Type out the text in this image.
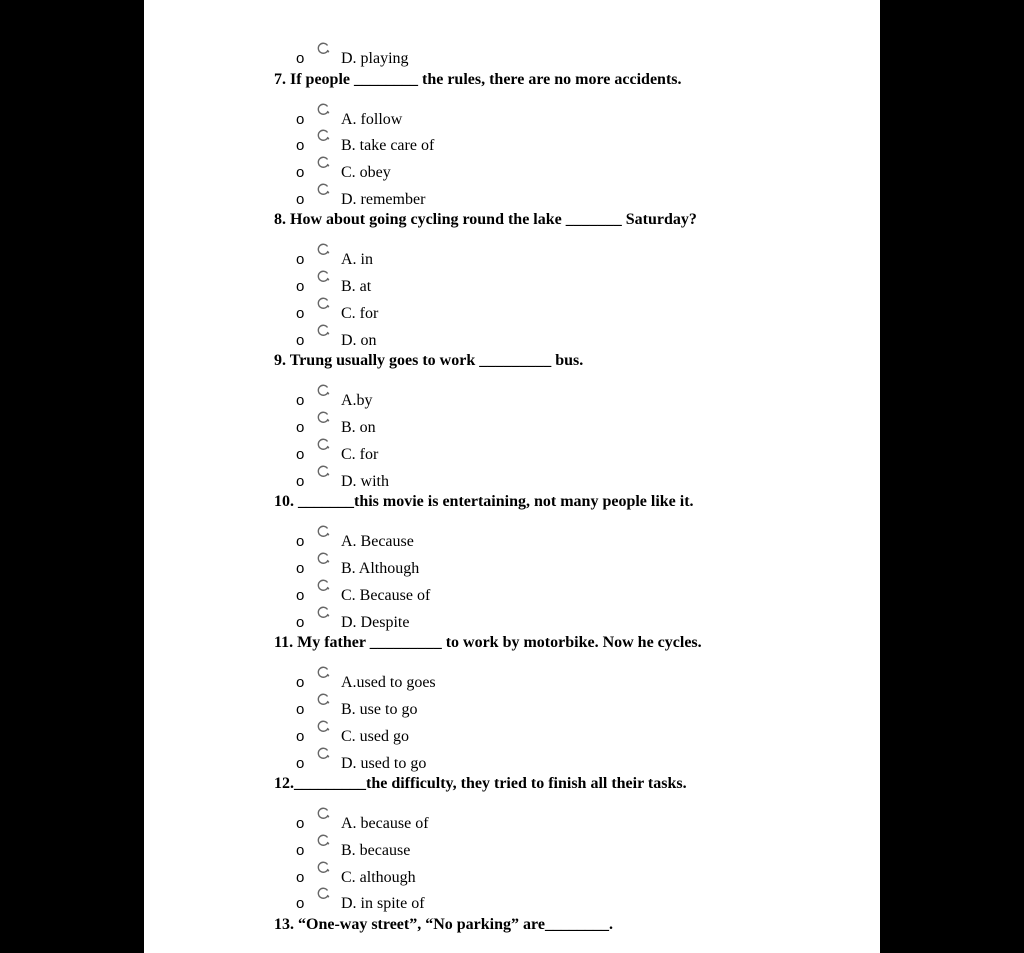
o D. playing
7. If people ________ the rules, there are no more accidents.
o A. follow
o B. take care of
o C. obey
o D. remember
8. How about going cycling round the lake _______ Saturday?
o A. in
o B. at
o C. for
o D. on
9. Trung usually goes to work _________ bus.
o A.by
o B. on
o C. for
o D. with
10. _______this movie is entertaining, not many people like it.
o A. Because
o B. Although
o C. Because of
o D. Despite
11. My father _________ to work by motorbike. Now he cycles.
o A.used to goes
o B. use to go
o C. used go
o D. used to go
12._________the difficulty, they tried to finish all their tasks.
o A. because of
o B. because
o C. although
o D. in spite of
13. “One-way street”, “No parking” are________.
